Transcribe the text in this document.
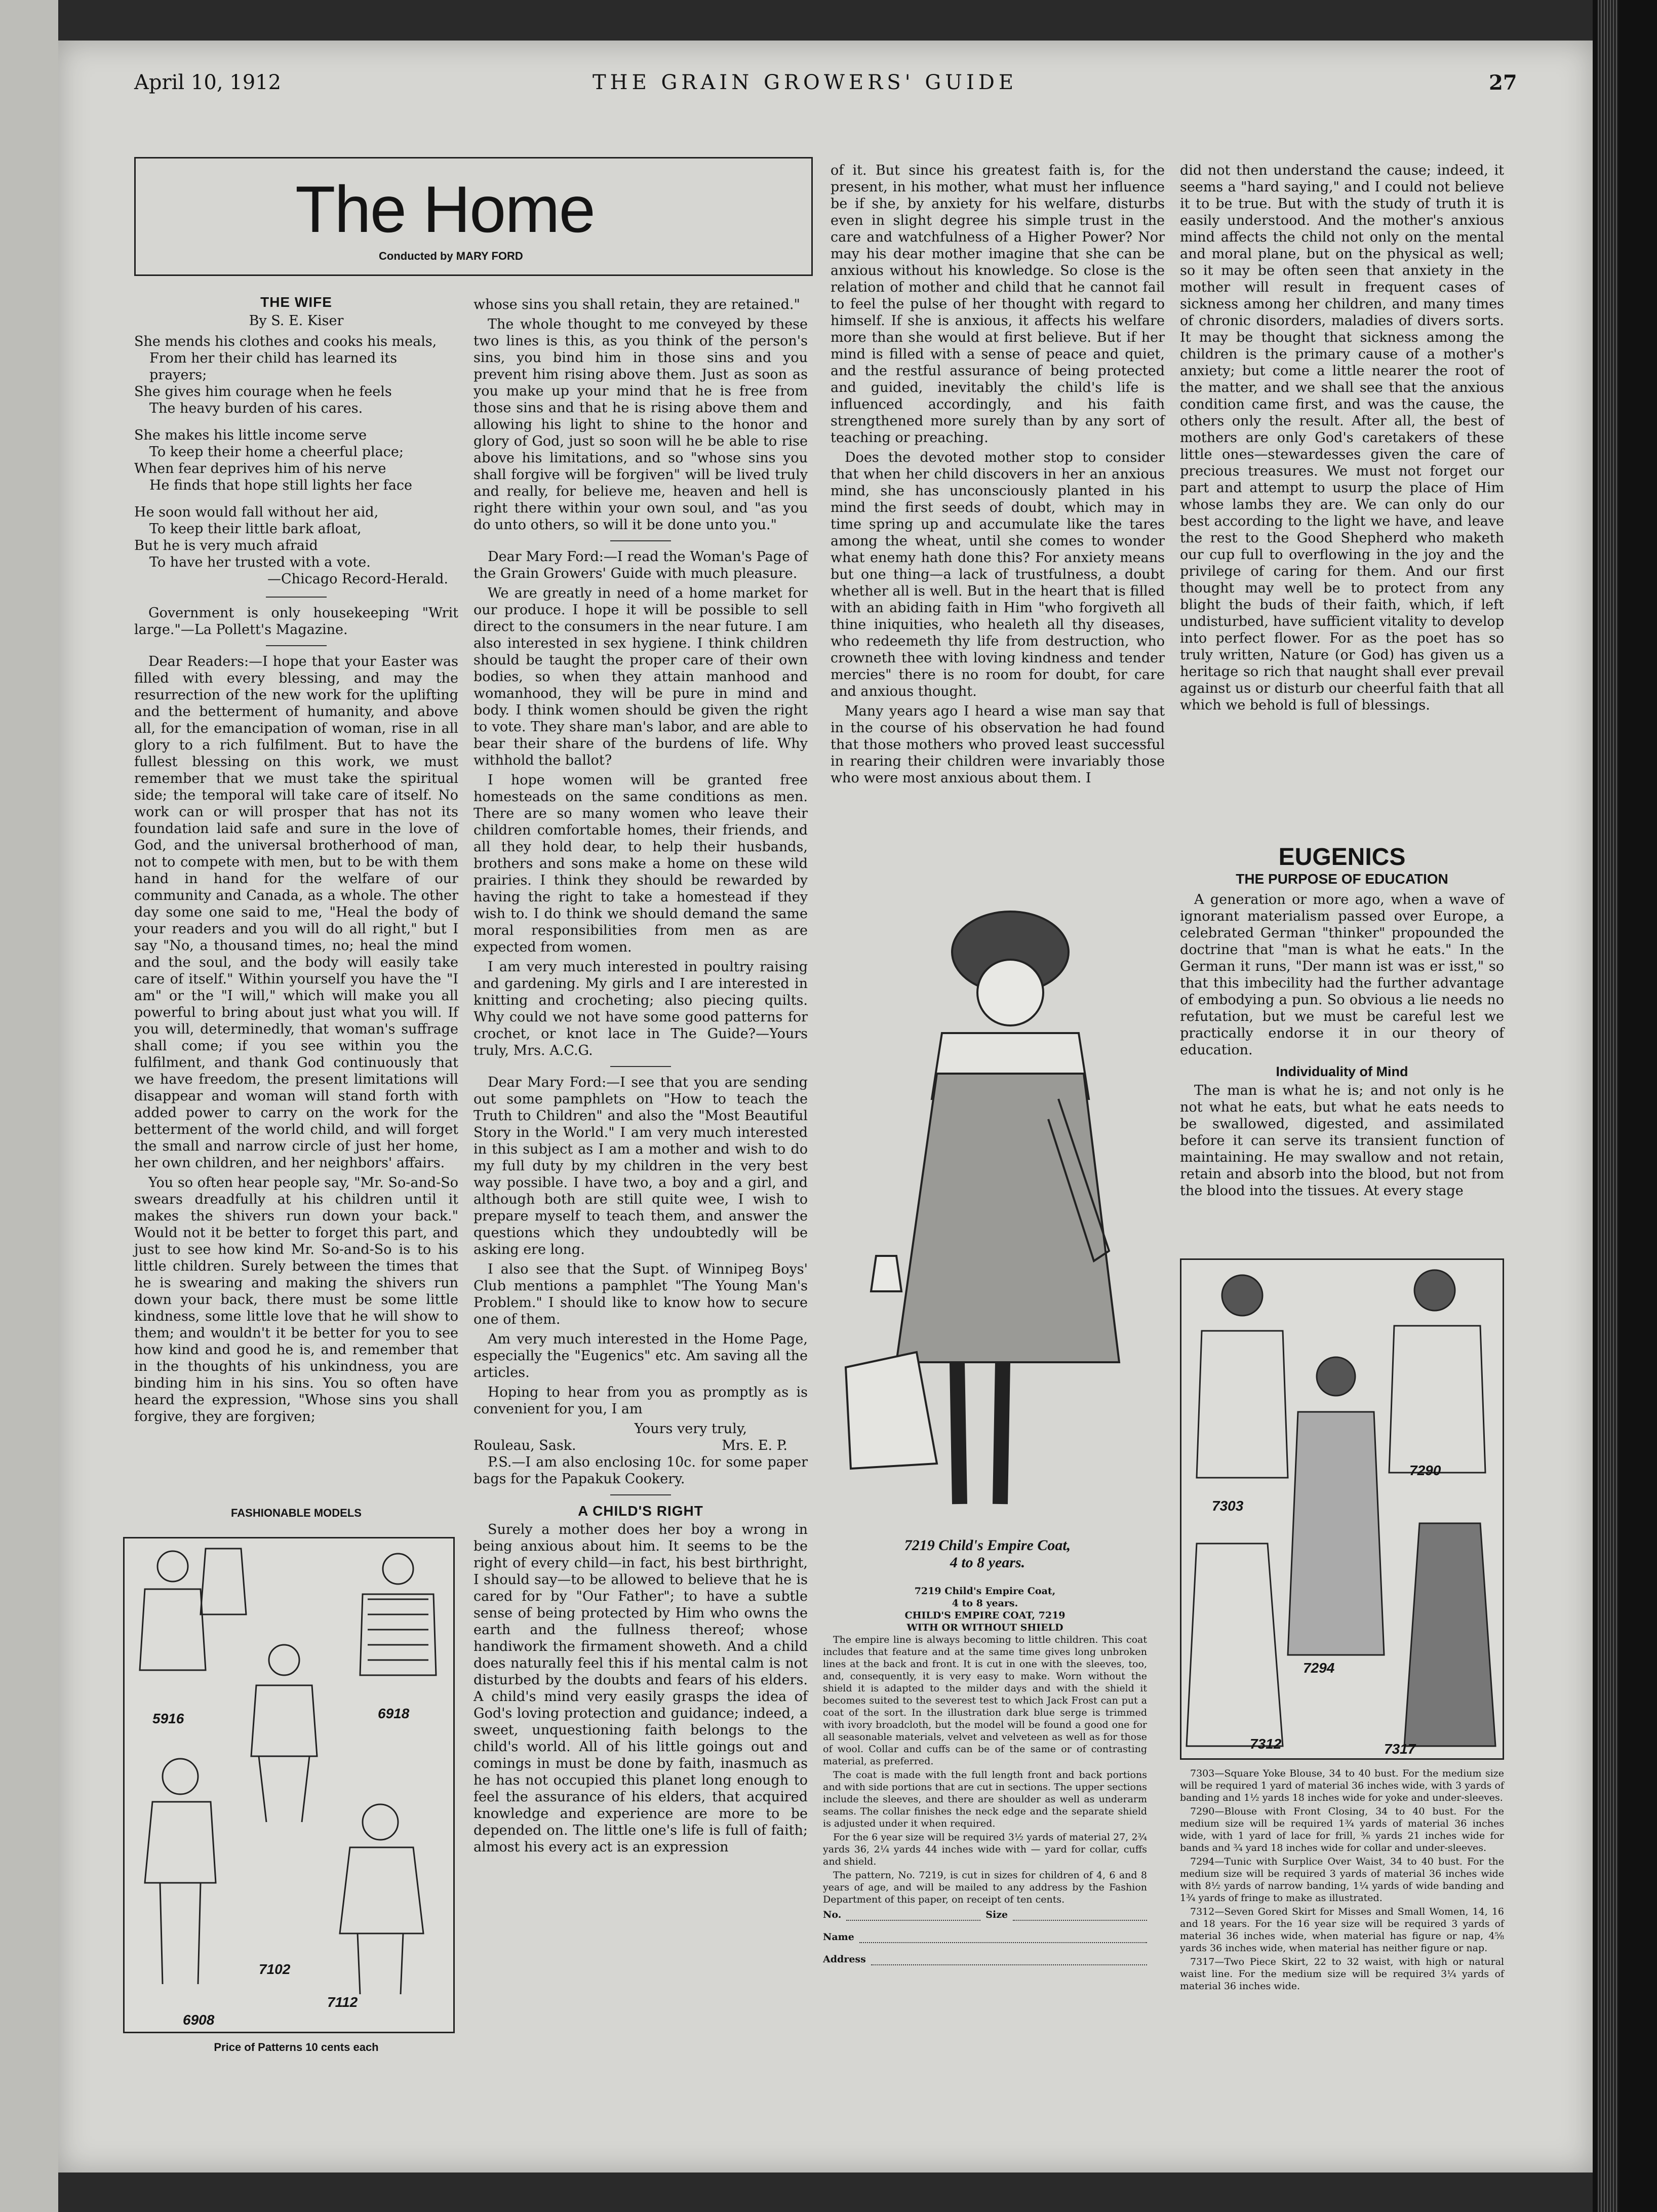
April 10, 1912	THE GRAIN GROWERS' GUIDE	27
The Home
Conducted by MARY FORD
THE WIFE
By S. E. Kiser
She mends his clothes and cooks his meals,
From her their child has learned its prayers;
She gives him courage when he feels
The heavy burden of his cares.
She makes his little income serve
To keep their home a cheerful place;
When fear deprives him of his nerve
He finds that hope still lights her face
He soon would fall without her aid,
To keep their little bark afloat,
But he is very much afraid
To have her trusted with a vote.
—Chicago Record-Herald.

Government is only housekeeping "Writ large."—La Pollett's Magazine.

Dear Readers:—I hope that your Easter was filled with every blessing, and may the resurrection of the new work for the uplifting and the betterment of humanity, and above all, for the emancipation of woman, rise in all glory to a rich fulfilment. But to have the fullest blessing on this work, we must remember that we must take the spiritual side; the temporal will take care of itself. No work can or will prosper that has not its foundation laid safe and sure in the love of God, and the universal brotherhood of man, not to compete with men, but to be with them hand in hand for the welfare of our community and Canada, as a whole. The other day some one said to me, "Heal the body of your readers and you will do all right," but I say "No, a thousand times, no; heal the mind and the soul, and the body will easily take care of itself." Within yourself you have the "I am" or the "I will," which will make you all powerful to bring about just what you will. If you will, determinedly, that woman's suffrage shall come; if you see within you the fulfilment, and thank God continuously that we have freedom, the present limitations will disappear and woman will stand forth with added power to carry on the work for the betterment of the world child, and will forget the small and narrow circle of just her home, her own children, and her neighbors' affairs.

You so often hear people say, "Mr. So-and-So swears dreadfully at his children until it makes the shivers run down your back." Would not it be better to forget this part, and just to see how kind Mr. So-and-So is to his little children. Surely between the times that he is swearing and making the shivers run down your back, there must be some little kindness, some little love that he will show to them; and wouldn't it be better for you to see how kind and good he is, and remember that in the thoughts of his unkindness, you are binding him in his sins. You so often have heard the expression, "Whose sins you shall forgive, they are forgiven;

FASHIONABLE MODELS
5916	6918
6908
7102
7112
Price of Patterns 10 cents each

whose sins you shall retain, they are retained."

The whole thought to me conveyed by these two lines is this, as you think of the person's sins, you bind him in those sins and you prevent him rising above them. Just as soon as you make up your mind that he is free from those sins and that he is rising above them and allowing his light to shine to the honor and glory of God, just so soon will he be able to rise above his limitations, and so "whose sins you shall forgive will be forgiven" will be lived truly and really, for believe me, heaven and hell is right there within your own soul, and "as you do unto others, so will it be done unto you."

Dear Mary Ford:—I read the Woman's Page of the Grain Growers' Guide with much pleasure.

We are greatly in need of a home market for our produce. I hope it will be possible to sell direct to the consumers in the near future. I am also interested in sex hygiene. I think children should be taught the proper care of their own bodies, so when they attain manhood and womanhood, they will be pure in mind and body. I think women should be given the right to vote. They share man's labor, and are able to bear their share of the burdens of life. Why withhold the ballot?

I hope women will be granted free homesteads on the same conditions as men. There are so many women who leave their children comfortable homes, their friends, and all they hold dear, to help their husbands, brothers and sons make a home on these wild prairies. I think they should be rewarded by having the right to take a homestead if they wish to. I do think we should demand the same moral responsibilities from men as are expected from women.

I am very much interested in poultry raising and gardening. My girls and I are interested in knitting and crocheting; also piecing quilts. Why could we not have some good patterns for crochet, or knot lace in The Guide?—Yours truly, Mrs. A.C.G.

Dear Mary Ford:—I see that you are sending out some pamphlets on "How to teach the Truth to Children" and also the "Most Beautiful Story in the World." I am very much interested in this subject as I am a mother and wish to do my full duty by my children in the very best way possible. I have two, a boy and a girl, and although both are still quite wee, I wish to prepare myself to teach them, and answer the questions which they undoubtedly will be asking ere long.

I also see that the Supt. of Winnipeg Boys' Club mentions a pamphlet "The Young Man's Problem." I should like to know how to secure one of them.

Am very much interested in the Home Page, especially the "Eugenics" etc. Am saving all the articles.

Hoping to hear from you as promptly as is convenient for you, I am

Yours very truly,
Rouleau, Sask.	Mrs. E. P.

P.S.—I am also enclosing 10c. for some paper bags for the Papakuk Cookery.

A CHILD'S RIGHT

Surely a mother does her boy a wrong in being anxious about him. It seems to be the right of every child—in fact, his best birthright, I should say—to be allowed to believe that he is cared for by "Our Father"; to have a subtle sense of being protected by Him who owns the earth and the fullness thereof; whose handiwork the firmament showeth. And a child does naturally feel this if his mental calm is not disturbed by the doubts and fears of his elders. A child's mind very easily grasps the idea of God's loving protection and guidance; indeed, a sweet, unquestioning faith belongs to the child's world. All of his little goings out and comings in must be done by faith, inasmuch as he has not occupied this planet long enough to feel the assurance of his elders, that acquired knowledge and experience are more to be depended on. The little one's life is full of faith; almost his every act is an expression

of it. But since his greatest faith is, for the present, in his mother, what must her influence be if she, by anxiety for his welfare, disturbs even in slight degree his simple trust in the care and watchfulness of a Higher Power? Nor may his dear mother imagine that she can be anxious without his knowledge. So close is the relation of mother and child that he cannot fail to feel the pulse of her thought with regard to himself. If she is anxious, it affects his welfare more than she would at first believe. But if her mind is filled with a sense of peace and quiet, and the restful assurance of being protected and guided, inevitably the child's life is influenced accordingly, and his faith strengthened more surely than by any sort of teaching or preaching.

Does the devoted mother stop to consider that when her child discovers in her an anxious mind, she has unconsciously planted in his mind the first seeds of doubt, which may in time spring up and accumulate like the tares among the wheat, until she comes to wonder what enemy hath done this? For anxiety means but one thing—a lack of trustfulness, a doubt whether all is well. But in the heart that is filled with an abiding faith in Him "who forgiveth all thine iniquities, who healeth all thy diseases, who redeemeth thy life from destruction, who crowneth thee with loving kindness and tender mercies" there is no room for doubt, for care and anxious thought.

Many years ago I heard a wise man say that in the course of his observation he had found that those mothers who proved least successful in rearing their children were invariably those who were most anxious about them. I

7219 Child's Empire Coat,
4 to 8 years.
7219 Child's Empire Coat,
4 to 8 years.
CHILD'S EMPIRE COAT, 7219
WITH OR WITHOUT SHIELD

The empire line is always becoming to little children. This coat includes that feature and at the same time gives long unbroken lines at the back and front. It is cut in one with the sleeves, too, and, consequently, it is very easy to make. Worn without the shield it is adapted to the milder days and with the shield it becomes suited to the severest test to which Jack Frost can put a coat of the sort. In the illustration dark blue serge is trimmed with ivory broadcloth, but the model will be found a good one for all seasonable materials, velvet and velveteen as well as for those of wool. Collar and cuffs can be of the same or of contrasting material, as preferred.

The coat is made with the full length front and back portions and with side portions that are cut in sections. The upper sections include the sleeves, and there are shoulder as well as underarm seams. The collar finishes the neck edge and the separate shield is adjusted under it when required.

For the 6 year size will be required 3½ yards of material 27, 2¾ yards 36, 2¼ yards 44 inches wide with — yard for collar, cuffs and shield.

The pattern, No. 7219, is cut in sizes for children of 4, 6 and 8 years of age, and will be mailed to any address by the Fashion Department of this paper, on receipt of ten cents.

No.	Size
Name
Address

did not then understand the cause; indeed, it seems a "hard saying," and I could not believe it to be true. But with the study of truth it is easily understood. And the mother's anxious mind affects the child not only on the mental and moral plane, but on the physical as well; so it may be often seen that anxiety in the mother will result in frequent cases of sickness among her children, and many times of chronic disorders, maladies of divers sorts. It may be thought that sickness among the children is the primary cause of a mother's anxiety; but come a little nearer the root of the matter, and we shall see that the anxious condition came first, and was the cause, the others only the result. After all, the best of mothers are only God's caretakers of these little ones—stewardesses given the care of precious treasures. We must not forget our part and attempt to usurp the place of Him whose lambs they are. We can only do our best according to the light we have, and leave the rest to the Good Shepherd who maketh our cup full to overflowing in the joy and the privilege of caring for them. And our first thought may well be to protect from any blight the buds of their faith, which, if left undisturbed, have sufficient vitality to develop into perfect flower. For as the poet has so truly written, Nature (or God) has given us a heritage so rich that naught shall ever prevail against us or disturb our cheerful faith that all which we behold is full of blessings.

EUGENICS
THE PURPOSE OF EDUCATION

A generation or more ago, when a wave of ignorant materialism passed over Europe, a celebrated German "thinker" propounded the doctrine that "man is what he eats." In the German it runs, "Der mann ist was er isst," so that this imbecility had the further advantage of embodying a pun. So obvious a lie needs no refutation, but we must be careful lest we practically endorse it in our theory of education.

Individuality of Mind

The man is what he is; and not only is he not what he eats, but what he eats needs to be swallowed, digested, and assimilated before it can serve its transient function of maintaining. He may swallow and not retain, retain and absorb into the blood, but not from the blood into the tissues. At every stage

7303
7290
7294
7312	7317

7303—Square Yoke Blouse, 34 to 40 bust. For the medium size will be required 1 yard of material 36 inches wide, with 3 yards of banding and 1½ yards 18 inches wide for yoke and under-sleeves.

7290—Blouse with Front Closing, 34 to 40 bust. For the medium size will be required 1¾ yards of material 36 inches wide, with 1 yard of lace for frill, ⅜ yards 21 inches wide for bands and ¾ yard 18 inches wide for collar and under-sleeves.

7294—Tunic with Surplice Over Waist, 34 to 40 bust. For the medium size will be required 3 yards of material 36 inches wide with 8½ yards of narrow banding, 1¼ yards of wide banding and 1¾ yards of fringe to make as illustrated.

7312—Seven Gored Skirt for Misses and Small Women, 14, 16 and 18 years. For the 16 year size will be required 3 yards of material 36 inches wide, when material has figure or nap, 4⅝ yards 36 inches wide, when material has neither figure or nap.

7317—Two Piece Skirt, 22 to 32 waist, with high or natural waist line. For the medium size will be required 3¼ yards of material 36 inches wide.
